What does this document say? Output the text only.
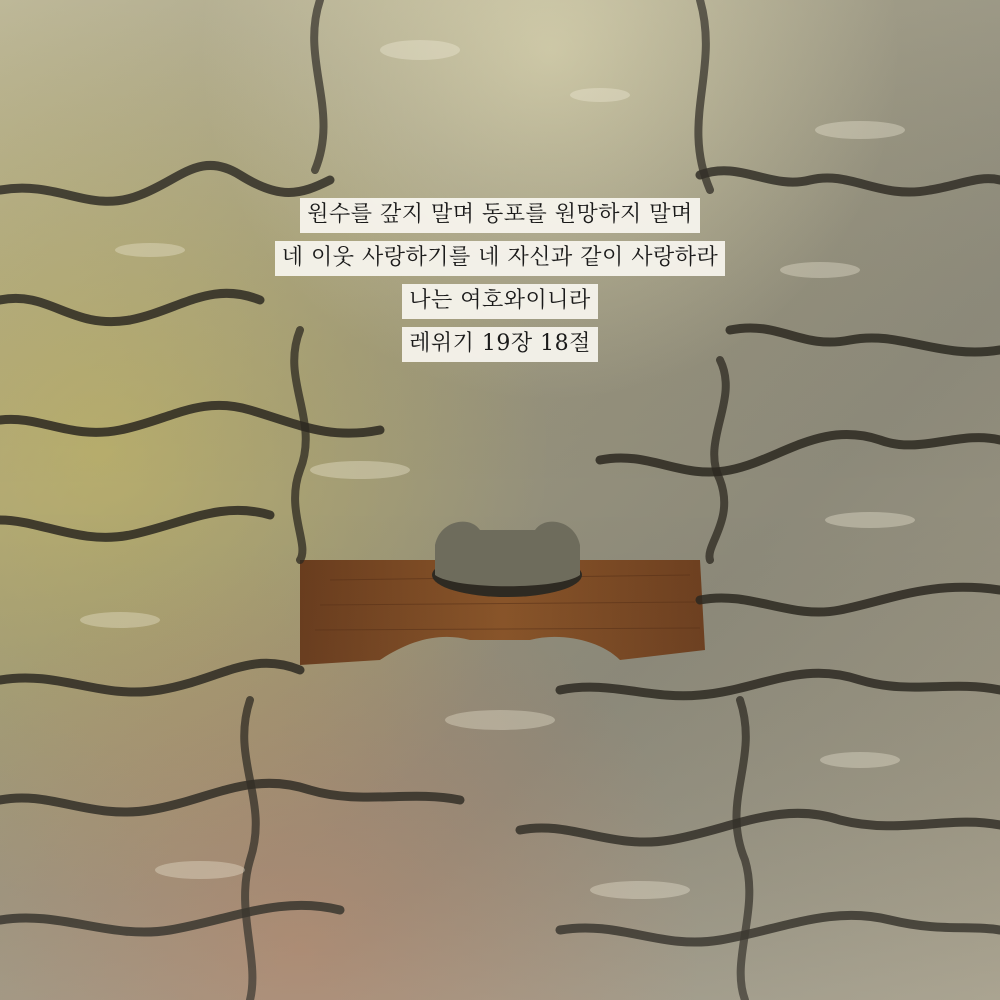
원수를 갚지 말며 동포를 원망하지 말며
네 이웃 사랑하기를 네 자신과 같이 사랑하라
나는 여호와이니라
레위기 19장 18절
